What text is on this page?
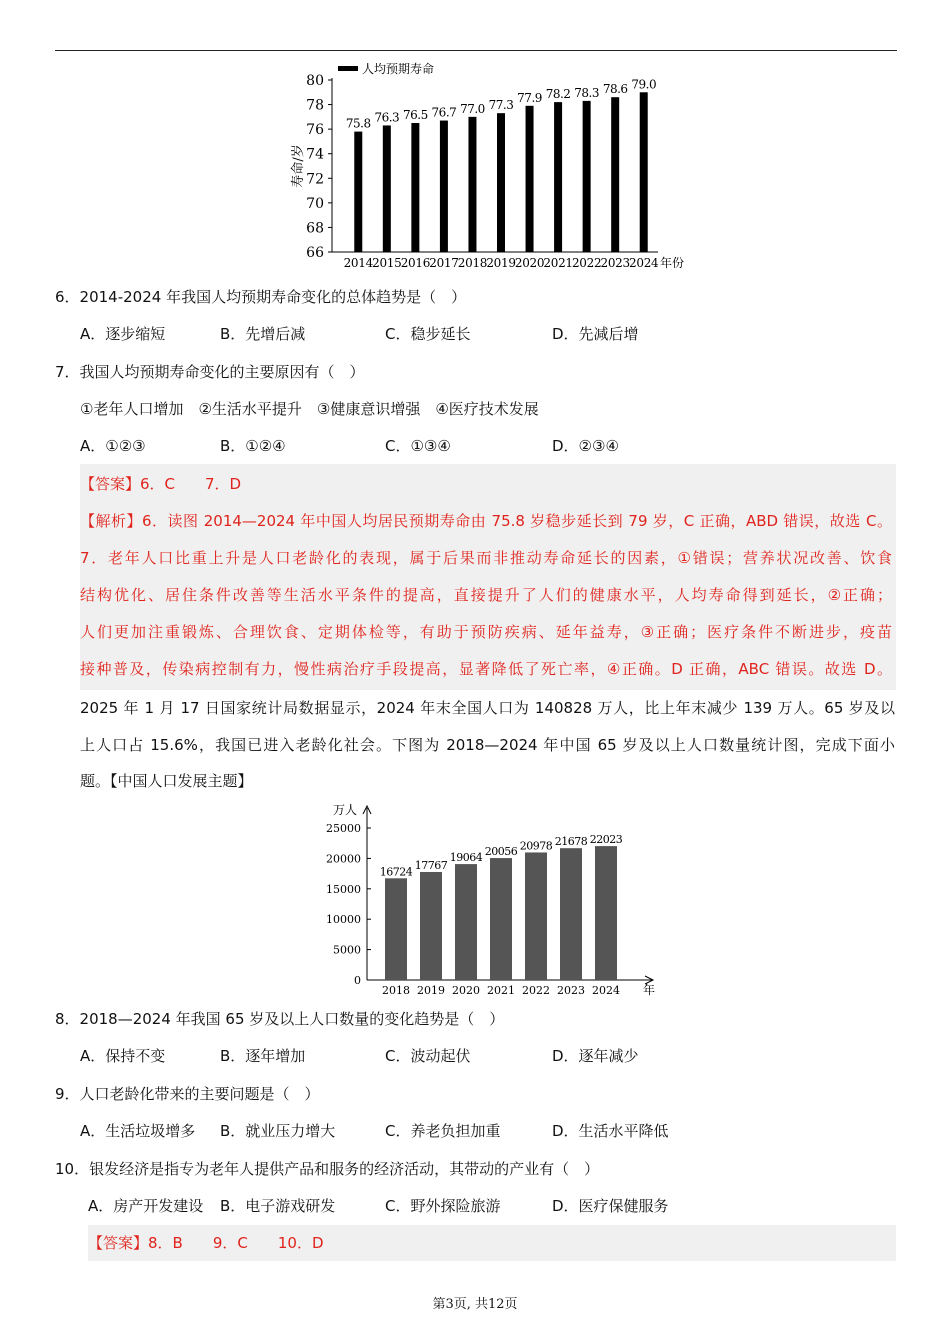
66
68
70
72
74
76
78
80
寿命/岁
人均预期寿命
75.8
2014
76.3
2015
76.5
2016
76.7
2017
77.0
2018
77.3
2019
77.9
2020
78.2
2021
78.3
2022
78.6
2023
79.0
2024 年份
6．2014-2024 年我国人均预期寿命变化的总体趋势是（　）
A．逐步缩短	B．先增后减	C．稳步延长	D．先减后增
7．我国人均预期寿命变化的主要原因有（　）
①老年人口增加　②生活水平提升　③健康意识增强　④医疗技术发展
A．①②③	B．①②④	C．①③④	D．②③④
【答案】6．C　　7．D
【解析】6．读图 2014—2024 年中国人均居民预期寿命由 75.8 岁稳步延长到 79 岁，C 正确，ABD 错误，故选 C。
7．老年人口比重上升是人口老龄化的表现，属于后果而非推动寿命延长的因素，①错误；营养状况改善、饮食
结构优化、居住条件改善等生活水平条件的提高，直接提升了人们的健康水平，人均寿命得到延长，②正确；
人们更加注重锻炼、合理饮食、定期体检等，有助于预防疾病、延年益寿，③正确；医疗条件不断进步，疫苗
接种普及，传染病控制有力，慢性病治疗手段提高，显著降低了死亡率，④正确。D 正确，ABC 错误。故选 D。
2025 年 1 月 17 日国家统计局数据显示，2024 年末全国人口为 140828 万人，比上年末减少 139 万人。65 岁及以
上人口占 15.6%，我国已进入老龄化社会。下图为 2018—2024 年中国 65 岁及以上人口数量统计图，完成下面小
题。【中国人口发展主题】
0
5000
10000
15000
20000
25000
万人
16724
2018
17767
2019
19064
2020
20056
2021
20978
2022
21678
2023
22023
2024 年
8．2018—2024 年我国 65 岁及以上人口数量的变化趋势是（　）
A．保持不变	B．逐年增加	C．波动起伏	D．逐年减少
9．人口老龄化带来的主要问题是（　）
A．生活垃圾增多 B．就业压力增大	C．养老负担加重	D．生活水平降低
10．银发经济是指专为老年人提供产品和服务的经济活动，其带动的产业有（　）
A．房产开发建设 B．电子游戏研发	C．野外探险旅游	D．医疗保健服务
【答案】8．B　　9．C　　10．D
第3页, 共12页
